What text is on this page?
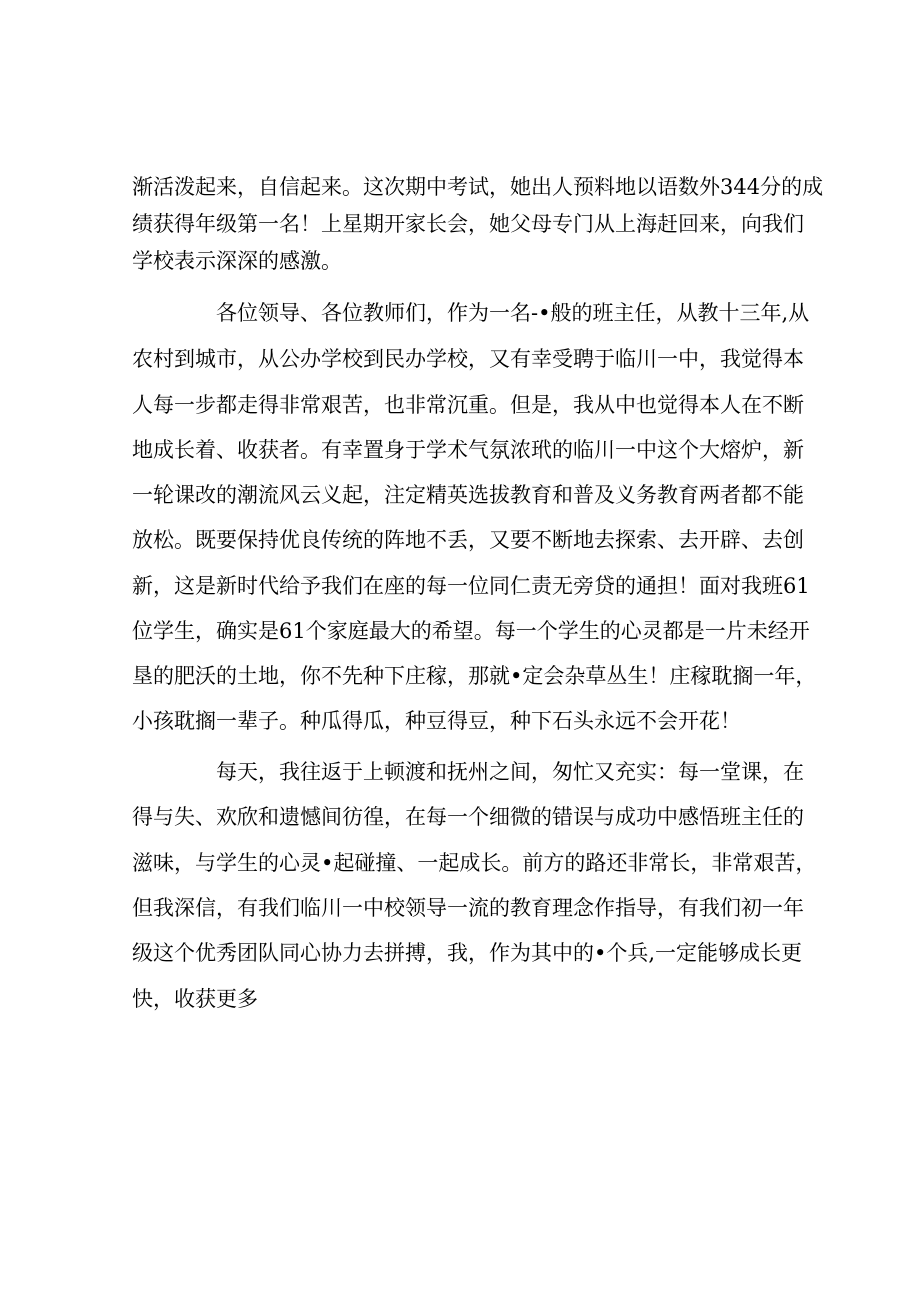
渐活泼起来，自信起来。这次期中考试，她出人预料地以语数外344分的成
绩获得年级第一名！上星期开家长会，她父母专门从上海赶回来，向我们
学校表示深深的感激。
各位领导、各位教师们，作为一名-•般的班主任，从教十三年,从
农村到城市，从公办学校到民办学校，又有幸受聘于临川一中，我觉得本
人每一步都走得非常艰苦，也非常沉重。但是，我从中也觉得本人在不断
地成长着、收获者。有幸置身于学术气氛浓玳的临川一中这个大熔炉，新
一轮课改的潮流风云义起，注定精英选拔教育和普及义务教育两者都不能
放松。既要保持优良传统的阵地不丢，又要不断地去探索、去开辟、去创
新，这是新时代给予我们在座的每一位同仁责无旁贷的通担！面对我班61
位学生，确实是61个家庭最大的希望。每一个学生的心灵都是一片未经开
垦的肥沃的土地，你不先种下庄稼，那就•定会杂草丛生！庄稼耽搁一年，
小孩耽搁一辈子。种瓜得瓜，种豆得豆，种下石头永远不会开花！
每天，我往返于上顿渡和抚州之间，匆忙又充实：每一堂课，在
得与失、欢欣和遗憾间彷徨，在每一个细微的错误与成功中感悟班主任的
滋味，与学生的心灵•起碰撞、一起成长。前方的路还非常长，非常艰苦，
但我深信，有我们临川一中校领导一流的教育理念作指导，有我们初一年
级这个优秀团队同心协力去拼搏，我，作为其中的•个兵,一定能够成长更
快，收获更多
